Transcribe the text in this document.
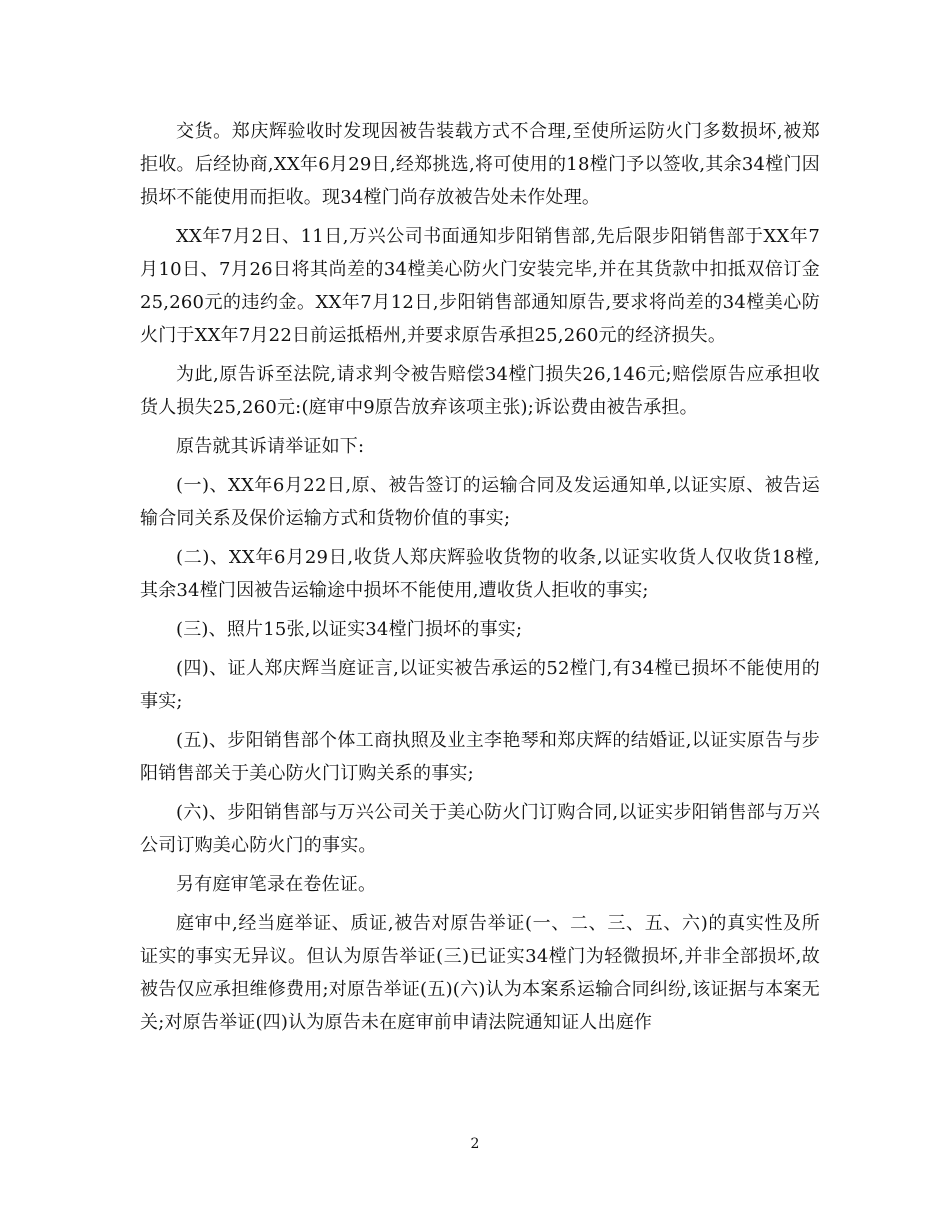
交货。郑庆辉验收时发现因被告装载方式不合理,至使所运防火门多数损坏,被郑拒收。后经协商,XX年6月29日,经郑挑选,将可使用的18樘门予以签收,其余34樘门因损坏不能使用而拒收。现34樘门尚存放被告处未作处理。

XX年7月2日、11日,万兴公司书面通知步阳销售部,先后限步阳销售部于XX年7月10日、7月26日将其尚差的34樘美心防火门安装完毕,并在其货款中扣抵双倍订金25,260元的违约金。XX年7月12日,步阳销售部通知原告,要求将尚差的34樘美心防火门于XX年7月22日前运抵梧州,并要求原告承担25,260元的经济损失。

为此,原告诉至法院,请求判令被告赔偿34樘门损失26,146元;赔偿原告应承担收货人损失25,260元:(庭审中9原告放弃该项主张);诉讼费由被告承担。

原告就其诉请举证如下:

(一)、XX年6月22日,原、被告签订的运输合同及发运通知单,以证实原、被告运输合同关系及保价运输方式和货物价值的事实;

(二)、XX年6月29日,收货人郑庆辉验收货物的收条,以证实收货人仅收货18樘,其余34樘门因被告运输途中损坏不能使用,遭收货人拒收的事实;

(三)、照片15张,以证实34樘门损坏的事实;

(四)、证人郑庆辉当庭证言,以证实被告承运的52樘门,有34樘已损坏不能使用的事实;

(五)、步阳销售部个体工商执照及业主李艳琴和郑庆辉的结婚证,以证实原告与步阳销售部关于美心防火门订购关系的事实;

(六)、步阳销售部与万兴公司关于美心防火门订购合同,以证实步阳销售部与万兴公司订购美心防火门的事实。

另有庭审笔录在卷佐证。

庭审中,经当庭举证、质证,被告对原告举证(一、二、三、五、六)的真实性及所证实的事实无异议。但认为原告举证(三)已证实34樘门为轻微损坏,并非全部损坏,故被告仅应承担维修费用;对原告举证(五)(六)认为本案系运输合同纠纷,该证据与本案无关;对原告举证(四)认为原告未在庭审前申请法院通知证人出庭作

2
